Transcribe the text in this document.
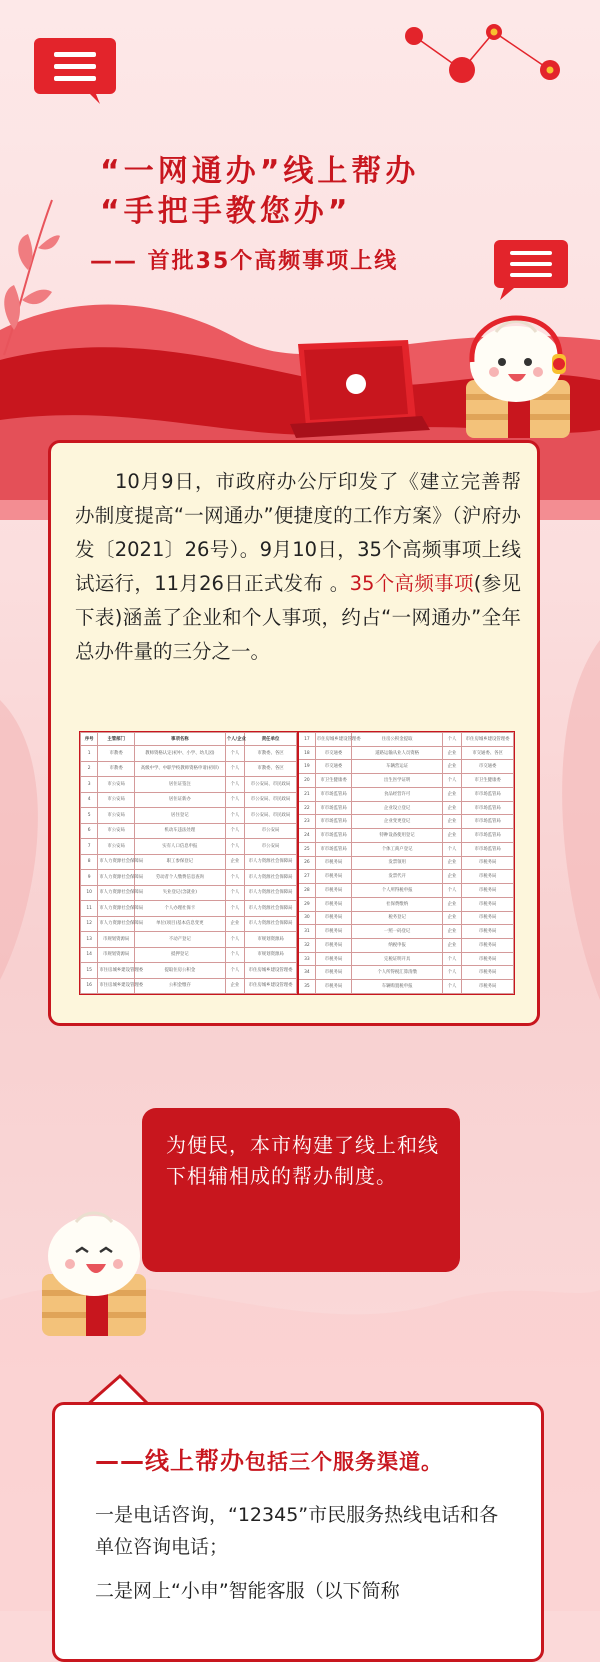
“一网通办”线上帮办
“手把手教您办”
—— 首批35个高频事项上线
10月9日，市政府办公厅印发了《建立完善帮办制度提高“一网通办”便捷度的工作方案》（沪府办发〔2021〕26号）。9月10日，35个高频事项上线试运行，11月26日正式发布 。35个高频事项(参见下表)涵盖了企业和个人事项，约占“一网通办”全年总办件量的三分之一。
序号	主管部门	事项名称	个人/企业	责任单位
1	市教委	教师资格认定(初中、小学、幼儿园)	个人	市教委、各区
2	市教委	高级中学、中职学校教师资格申请(初审)	个人	市教委、各区
3	市公安局	居住证签注	个人	市公安局、市民政局
4	市公安局	居住证新办	个人	市公安局、市民政局
5	市公安局	居住登记	个人	市公安局、市民政局
6	市公安局	机动车违法处理	个人	市公安局
7	市公安局	实有人口信息申报	个人	市公安局
8	市人力资源社会保障局	职工参保登记	企业	市人力资源社会保障局
9	市人力资源社会保障局	劳动者个人缴费信息查询	个人	市人力资源社会保障局
10	市人力资源社会保障局	失业登记(含就业)	个人	市人力资源社会保障局
11	市人力资源社会保障局	个人办理社保卡	个人	市人力资源社会保障局
12	市人力资源社会保障局	单位(项目)基本信息变更	企业	市人力资源社会保障局
13	市规划资源局	不动产登记	个人	市规划资源局
14	市规划资源局	抵押登记	个人	市规划资源局
15	市住房城乡建设管理委	提取住房公积金	个人	市住房城乡建设管理委
16	市住房城乡建设管理委	公积金缴存	企业	市住房城乡建设管理委
17	市住房城乡建设管理委	住房公积金提取	个人	市住房城乡建设管理委
18	市交通委	道路运输从业人员资格	企业	市交通委、各区
19	市交通委	车辆营运证	企业	市交通委
20	市卫生健康委	出生医学证明	个人	市卫生健康委
21	市市场监管局	食品经营许可	企业	市市场监管局
22	市市场监管局	企业设立登记	企业	市市场监管局
23	市市场监管局	企业变更登记	企业	市市场监管局
24	市市场监管局	特种设备使用登记	企业	市市场监管局
25	市市场监管局	个体工商户登记	个人	市市场监管局
26	市税务局	发票领用	企业	市税务局
27	市税务局	发票代开	企业	市税务局
28	市税务局	个人所得税申报	个人	市税务局
29	市税务局	社保费缴纳	企业	市税务局
30	市税务局	税务登记	企业	市税务局
31	市税务局	一照一码登记	企业	市税务局
32	市税务局	纳税申报	企业	市税务局
33	市税务局	完税证明开具	个人	市税务局
34	市税务局	个人所得税汇算清缴	个人	市税务局
35	市税务局	车辆购置税申报	个人	市税务局
为便民，本市构建了线上和线下相辅相成的帮办制度。
——线上帮办包括三个服务渠道。
一是电话咨询，“12345”市民服务热线电话和各单位咨询电话；
二是网上“小申”智能客服（以下简称
